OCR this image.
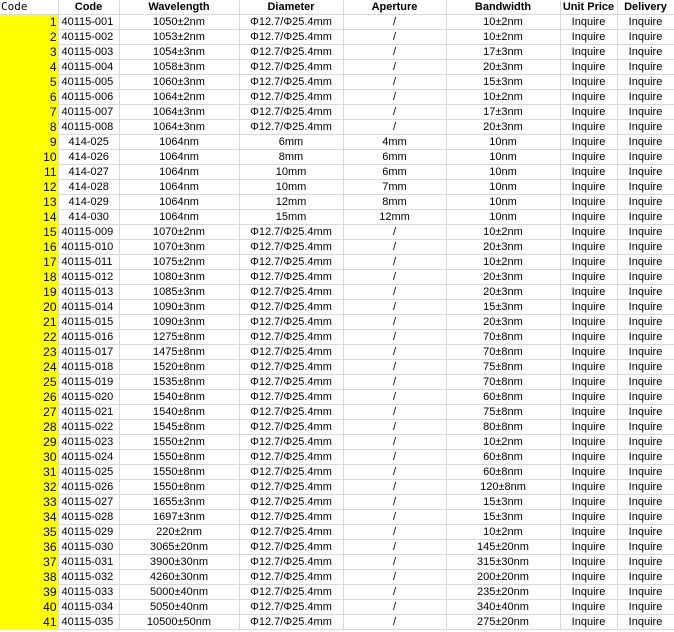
Code	Code	Wavelength	Diameter	Aperture	Bandwidth	Unit Price	Delivery
1	40115-001	1050±2nm	Φ12.7/Φ25.4mm	/	10±2nm	Inquire	Inquire
2	40115-002	1053±2nm	Φ12.7/Φ25.4mm	/	10±2nm	Inquire	Inquire
3	40115-003	1054±3nm	Φ12.7/Φ25.4mm	/	17±3nm	Inquire	Inquire
4	40115-004	1058±3nm	Φ12.7/Φ25.4mm	/	20±3nm	Inquire	Inquire
5	40115-005	1060±3nm	Φ12.7/Φ25.4mm	/	15±3nm	Inquire	Inquire
6	40115-006	1064±2nm	Φ12.7/Φ25.4mm	/	10±2nm	Inquire	Inquire
7	40115-007	1064±3nm	Φ12.7/Φ25.4mm	/	17±3nm	Inquire	Inquire
8	40115-008	1064±3nm	Φ12.7/Φ25.4mm	/	20±3nm	Inquire	Inquire
9	414-025	1064nm	6mm	4mm	10nm	Inquire	Inquire
10	414-026	1064nm	8mm	6mm	10nm	Inquire	Inquire
11	414-027	1064nm	10mm	6mm	10nm	Inquire	Inquire
12	414-028	1064nm	10mm	7mm	10nm	Inquire	Inquire
13	414-029	1064nm	12mm	8mm	10nm	Inquire	Inquire
14	414-030	1064nm	15mm	12mm	10nm	Inquire	Inquire
15	40115-009	1070±2nm	Φ12.7/Φ25.4mm	/	10±2nm	Inquire	Inquire
16	40115-010	1070±3nm	Φ12.7/Φ25.4mm	/	20±3nm	Inquire	Inquire
17	40115-011	1075±2nm	Φ12.7/Φ25.4mm	/	10±2nm	Inquire	Inquire
18	40115-012	1080±3nm	Φ12.7/Φ25.4mm	/	20±3nm	Inquire	Inquire
19	40115-013	1085±3nm	Φ12.7/Φ25.4mm	/	20±3nm	Inquire	Inquire
20	40115-014	1090±3nm	Φ12.7/Φ25.4mm	/	15±3nm	Inquire	Inquire
21	40115-015	1090±3nm	Φ12.7/Φ25.4mm	/	20±3nm	Inquire	Inquire
22	40115-016	1275±8nm	Φ12.7/Φ25.4mm	/	70±8nm	Inquire	Inquire
23	40115-017	1475±8nm	Φ12.7/Φ25.4mm	/	70±8nm	Inquire	Inquire
24	40115-018	1520±8nm	Φ12.7/Φ25.4mm	/	75±8nm	Inquire	Inquire
25	40115-019	1535±8nm	Φ12.7/Φ25.4mm	/	70±8nm	Inquire	Inquire
26	40115-020	1540±8nm	Φ12.7/Φ25.4mm	/	60±8nm	Inquire	Inquire
27	40115-021	1540±8nm	Φ12.7/Φ25.4mm	/	75±8nm	Inquire	Inquire
28	40115-022	1545±8nm	Φ12.7/Φ25.4mm	/	80±8nm	Inquire	Inquire
29	40115-023	1550±2nm	Φ12.7/Φ25.4mm	/	10±2nm	Inquire	Inquire
30	40115-024	1550±8nm	Φ12.7/Φ25.4mm	/	60±8nm	Inquire	Inquire
31	40115-025	1550±8nm	Φ12.7/Φ25.4mm	/	60±8nm	Inquire	Inquire
32	40115-026	1550±8nm	Φ12.7/Φ25.4mm	/	120±8nm	Inquire	Inquire
33	40115-027	1655±3nm	Φ12.7/Φ25.4mm	/	15±3nm	Inquire	Inquire
34	40115-028	1697±3nm	Φ12.7/Φ25.4mm	/	15±3nm	Inquire	Inquire
35	40115-029	220±2nm	Φ12.7/Φ25.4mm	/	10±2nm	Inquire	Inquire
36	40115-030	3065±20nm	Φ12.7/Φ25.4mm	/	145±20nm	Inquire	Inquire
37	40115-031	3900±30nm	Φ12.7/Φ25.4mm	/	315±30nm	Inquire	Inquire
38	40115-032	4260±30nm	Φ12.7/Φ25.4mm	/	200±20nm	Inquire	Inquire
39	40115-033	5000±40nm	Φ12.7/Φ25.4mm	/	235±20nm	Inquire	Inquire
40	40115-034	5050±40nm	Φ12.7/Φ25.4mm	/	340±40nm	Inquire	Inquire
41	40115-035	10500±50nm	Φ12.7/Φ25.4mm	/	275±20nm	Inquire	Inquire
